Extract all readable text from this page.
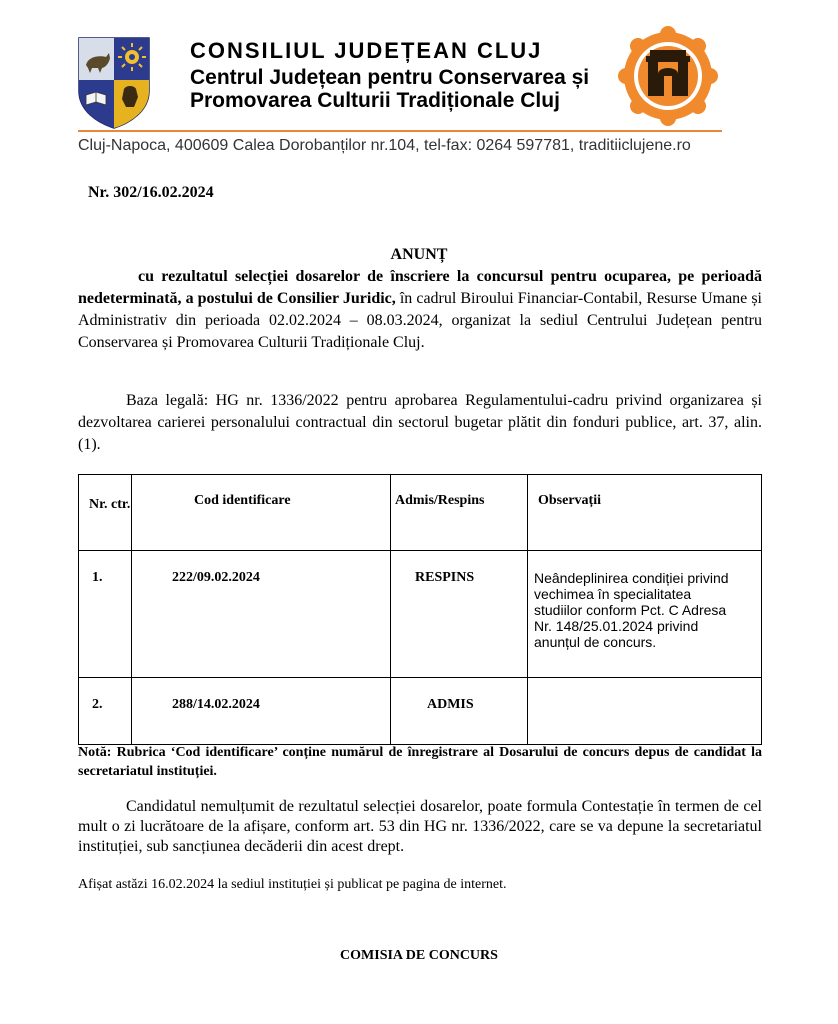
CONSILIUL JUDEȚEAN CLUJ
Centrul Județean pentru Conservarea și
Promovarea Culturii Tradiționale Cluj
Cluj-Napoca, 400609 Calea Dorobanților nr.104, tel-fax: 0264 597781, traditiiclujene.ro
Nr. 302/16.02.2024
ANUNȚ
cu rezultatul selecției dosarelor de înscriere la concursul pentru ocuparea, pe perioadă nedeterminată, a postului de Consilier Juridic, în cadrul Biroului Financiar-Contabil, Resurse Umane și Administrativ din perioada 02.02.2024 – 08.03.2024, organizat la sediul Centrului Județean pentru Conservarea și Promovarea Culturii Tradiționale Cluj.
Baza legală: HG nr. 1336/2022 pentru aprobarea Regulamentului-cadru privind organizarea și dezvoltarea carierei personalului contractual din sectorul bugetar plătit din fonduri publice, art. 37, alin. (1).
Nr. ctr.	Cod identificare	Admis/Respins	Observații
1.	222/09.02.2024	RESPINS	Neândeplinirea condiției privind vechimea în specialitatea studiilor conform Pct. C Adresa Nr. 148/25.01.2024 privind anunțul de concurs.
2.	288/14.02.2024	ADMIS	
Notă: Rubrica ‘Cod identificare’ conține numărul de înregistrare al Dosarului de concurs depus de candidat la secretariatul instituției.
Candidatul nemulțumit de rezultatul selecției dosarelor, poate formula Contestație în termen de cel mult o zi lucrătoare de la afișare, conform art. 53 din HG nr. 1336/2022, care se va depune la secretariatul instituției, sub sancțiunea decăderii din acest drept.
Afișat astăzi 16.02.2024 la sediul instituției și publicat pe pagina de internet.
COMISIA DE CONCURS
